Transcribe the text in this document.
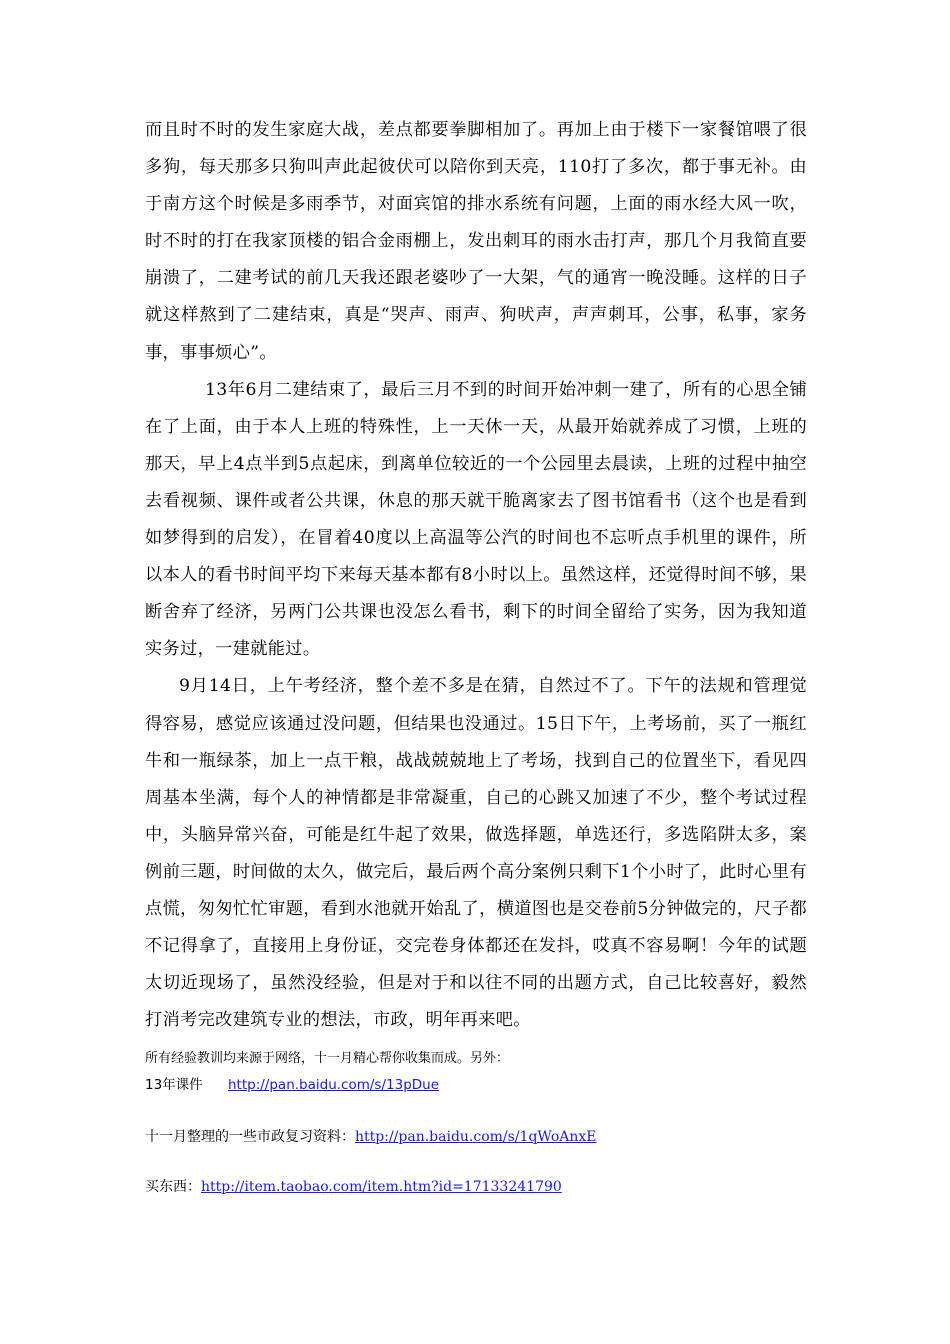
而且时不时的发生家庭大战，差点都要拳脚相加了。再加上由于楼下一家餐馆喂了很多狗，每天那多只狗叫声此起彼伏可以陪你到天亮，110打了多次，都于事无补。由于南方这个时候是多雨季节，对面宾馆的排水系统有问题，上面的雨水经大风一吹，时不时的打在我家顶楼的铝合金雨棚上，发出刺耳的雨水击打声，那几个月我简直要崩溃了，二建考试的前几天我还跟老婆吵了一大架，气的通宵一晚没睡。这样的日子就这样熬到了二建结束，真是“哭声、雨声、狗吠声，声声刺耳，公事，私事，家务事，事事烦心”。

13年6月二建结束了，最后三月不到的时间开始冲刺一建了，所有的心思全铺在了上面，由于本人上班的特殊性，上一天休一天，从最开始就养成了习惯，上班的那天，早上4点半到5点起床，到离单位较近的一个公园里去晨读，上班的过程中抽空去看视频、课件或者公共课，休息的那天就干脆离家去了图书馆看书（这个也是看到如梦得到的启发），在冒着40度以上高温等公汽的时间也不忘听点手机里的课件，所以本人的看书时间平均下来每天基本都有8小时以上。虽然这样，还觉得时间不够，果断舍弃了经济，另两门公共课也没怎么看书，剩下的时间全留给了实务，因为我知道实务过，一建就能过。

9月14日，上午考经济，整个差不多是在猜，自然过不了。下午的法规和管理觉得容易，感觉应该通过没问题，但结果也没通过。15日下午，上考场前，买了一瓶红牛和一瓶绿茶，加上一点干粮，战战兢兢地上了考场，找到自己的位置坐下，看见四周基本坐满，每个人的神情都是非常凝重，自己的心跳又加速了不少，整个考试过程中，头脑异常兴奋，可能是红牛起了效果，做选择题，单选还行，多选陷阱太多，案例前三题，时间做的太久，做完后，最后两个高分案例只剩下1个小时了，此时心里有点慌，匆匆忙忙审题，看到水池就开始乱了，横道图也是交卷前5分钟做完的，尺子都不记得拿了，直接用上身份证，交完卷身体都还在发抖，哎真不容易啊！今年的试题太切近现场了，虽然没经验，但是对于和以往不同的出题方式，自己比较喜好，毅然打消考完改建筑专业的想法，市政，明年再来吧。

所有经验教训均来源于网络，十一月精心帮你收集而成。另外：

13年课件 http://pan.baidu.com/s/13pDue

十一月整理的一些市政复习资料：http://pan.baidu.com/s/1qWoAnxE

买东西：http://item.taobao.com/item.htm?id=17133241790
